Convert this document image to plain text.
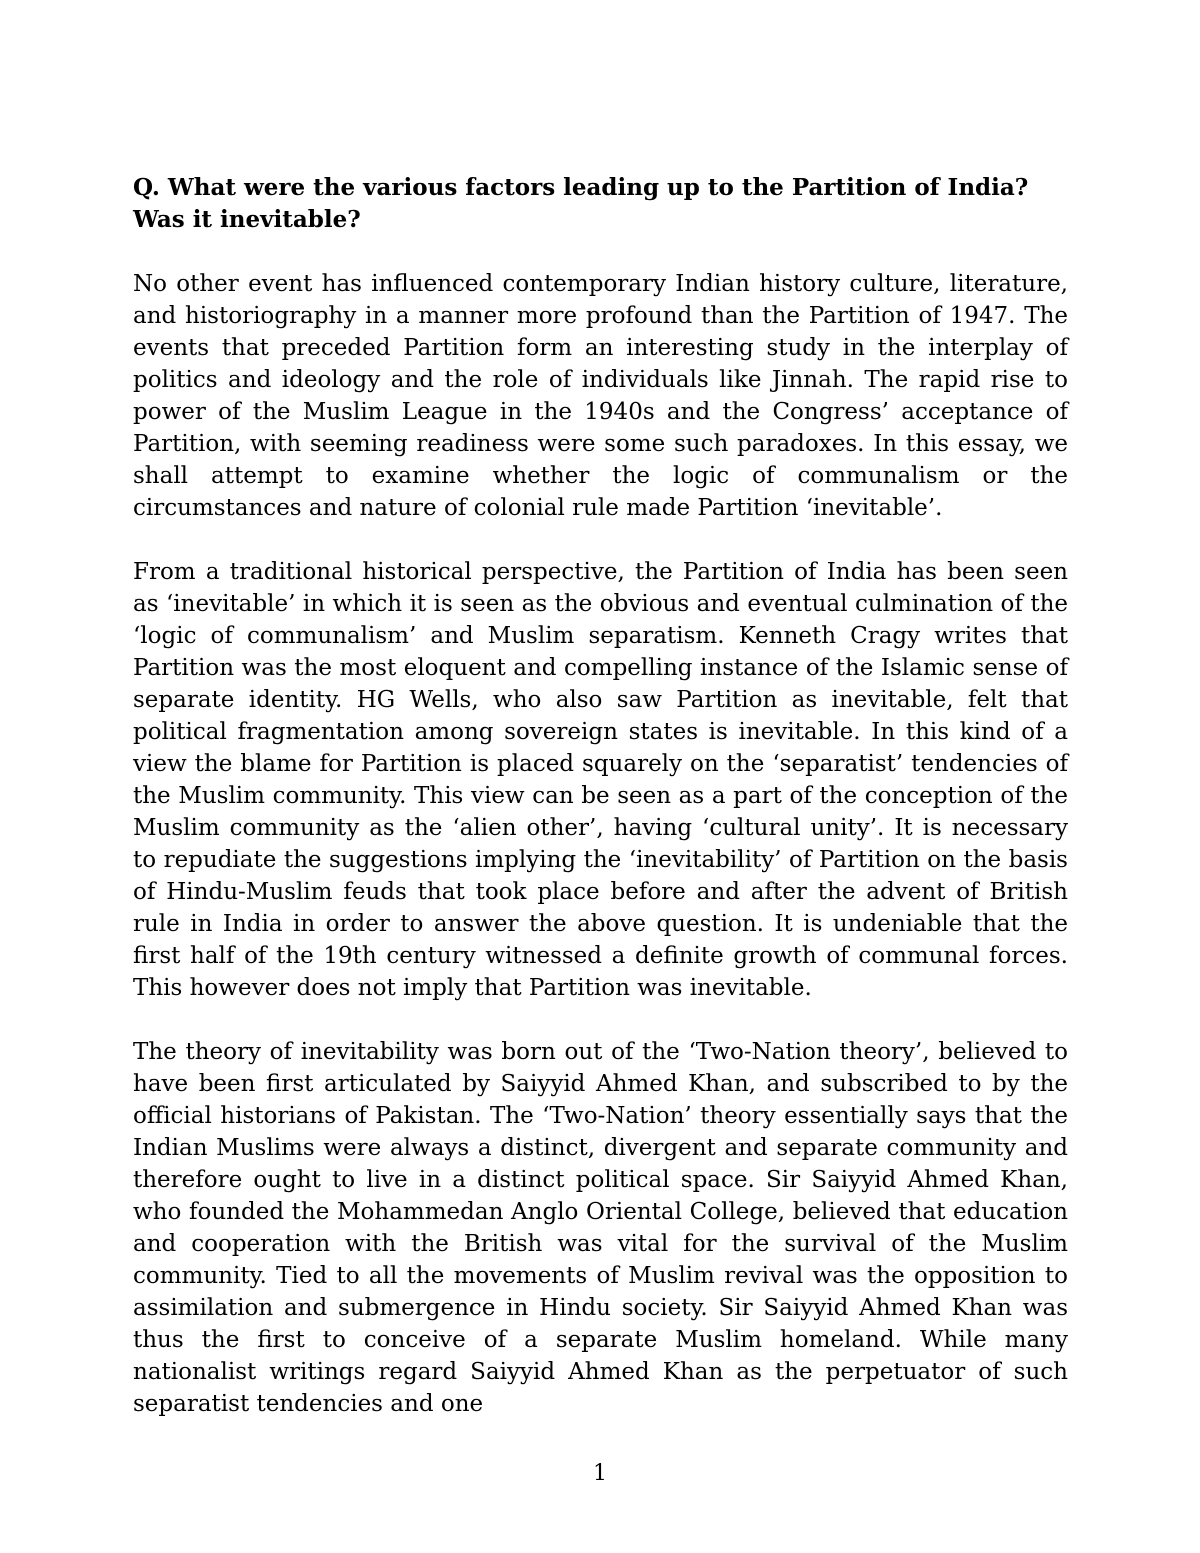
Q. What were the various factors leading up to the Partition of India? Was it inevitable?

No other event has influenced contemporary Indian history culture, literature, and historiography in a manner more profound than the Partition of 1947. The events that preceded Partition form an interesting study in the interplay of politics and ideology and the role of individuals like Jinnah. The rapid rise to power of the Muslim League in the 1940s and the Congress’ acceptance of Partition, with seeming readiness were some such paradoxes. In this essay, we shall attempt to examine whether the logic of communalism or the circumstances and nature of colonial rule made Partition ‘inevitable’.

From a traditional historical perspective, the Partition of India has been seen as ‘inevitable’ in which it is seen as the obvious and eventual culmination of the ‘logic of communalism’ and Muslim separatism. Kenneth Cragy writes that Partition was the most eloquent and compelling instance of the Islamic sense of separate identity. HG Wells, who also saw Partition as inevitable, felt that political fragmentation among sovereign states is inevitable. In this kind of a view the blame for Partition is placed squarely on the ‘separatist’ tendencies of the Muslim community. This view can be seen as a part of the conception of the Muslim community as the ‘alien other’, having ‘cultural unity’. It is necessary to repudiate the suggestions implying the ‘inevitability’ of Partition on the basis of Hindu-Muslim feuds that took place before and after the advent of British rule in India in order to answer the above question. It is undeniable that the first half of the 19th century witnessed a definite growth of communal forces. This however does not imply that Partition was inevitable.

The theory of inevitability was born out of the ‘Two-Nation theory’, believed to have been first articulated by Saiyyid Ahmed Khan, and subscribed to by the official historians of Pakistan. The ‘Two-Nation’ theory essentially says that the Indian Muslims were always a distinct, divergent and separate community and therefore ought to live in a distinct political space. Sir Saiyyid Ahmed Khan, who founded the Mohammedan Anglo Oriental College, believed that education and cooperation with the British was vital for the survival of the Muslim community. Tied to all the movements of Muslim revival was the opposition to assimilation and submergence in Hindu society. Sir Saiyyid Ahmed Khan was thus the first to conceive of a separate Muslim homeland. While many nationalist writings regard Saiyyid Ahmed Khan as the perpetuator of such separatist tendencies and one

1
